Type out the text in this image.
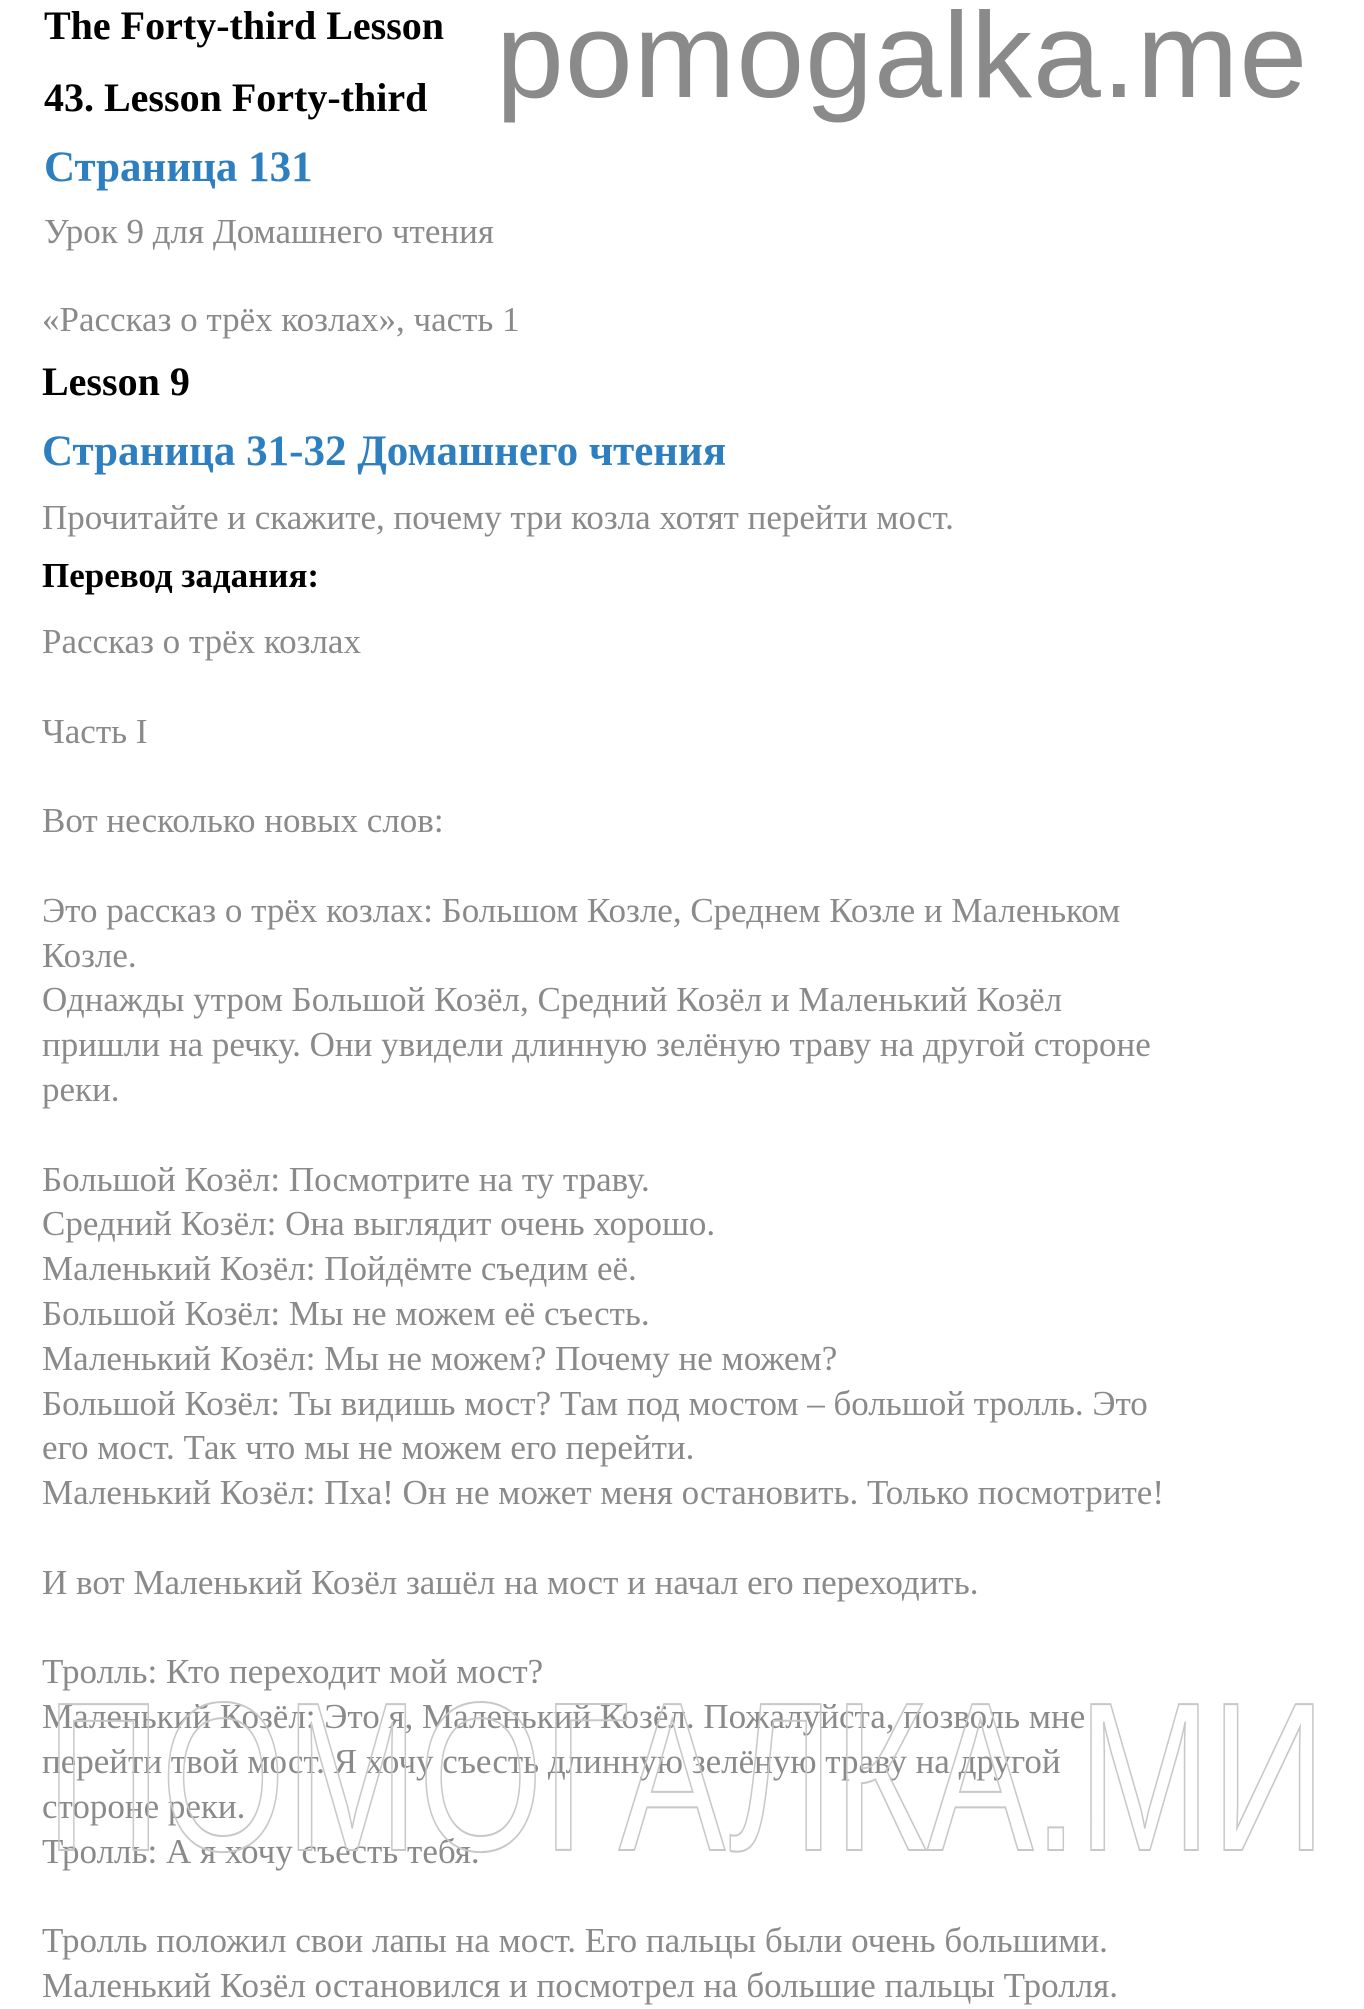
The Forty-third Lesson
43. Lesson Forty-third pomogalka.me
Страница 131
Урок 9 для Домашнего чтения
«Рассказ о трёх козлах», часть 1
Lesson 9
Страница 31-32 Домашнего чтения
Прочитайте и скажите, почему три козла хотят перейти мост.
Перевод задания:
Рассказ о трёх козлах
Часть I
Вот несколько новых слов:
Это рассказ о трёх козлах: Большом Козле, Среднем Козле и Маленьком
Козле.
Однажды утром Большой Козёл, Средний Козёл и Маленький Козёл
пришли на речку. Они увидели длинную зелёную траву на другой стороне
реки.
Большой Козёл: Посмотрите на ту траву.
Средний Козёл: Она выглядит очень хорошо.
Маленький Козёл: Пойдёмте съедим её.
Большой Козёл: Мы не можем её съесть.
Маленький Козёл: Мы не можем? Почему не можем?
Большой Козёл: Ты видишь мост? Там под мостом – большой тролль. Это
его мост. Так что мы не можем его перейти.
Маленький Козёл: Пха! Он не может меня остановить. Только посмотрите!
И вот Маленький Козёл зашёл на мост и начал его переходить.
Тролль: Кто переходит мой мост?
Маленький Козёл: Это я, Маленький Козёл. Пожалуйста, позволь мне
перейти твой мост. Я хочу съесть длинную зелёную траву на другой
стороне реки.
Тролль: А я хочу съесть тебя.
Тролль положил свои лапы на мост. Его пальцы были очень большими.
Маленький Козёл остановился и посмотрел на большие пальцы Тролля.
ПОМОГАЛКА.МИ
